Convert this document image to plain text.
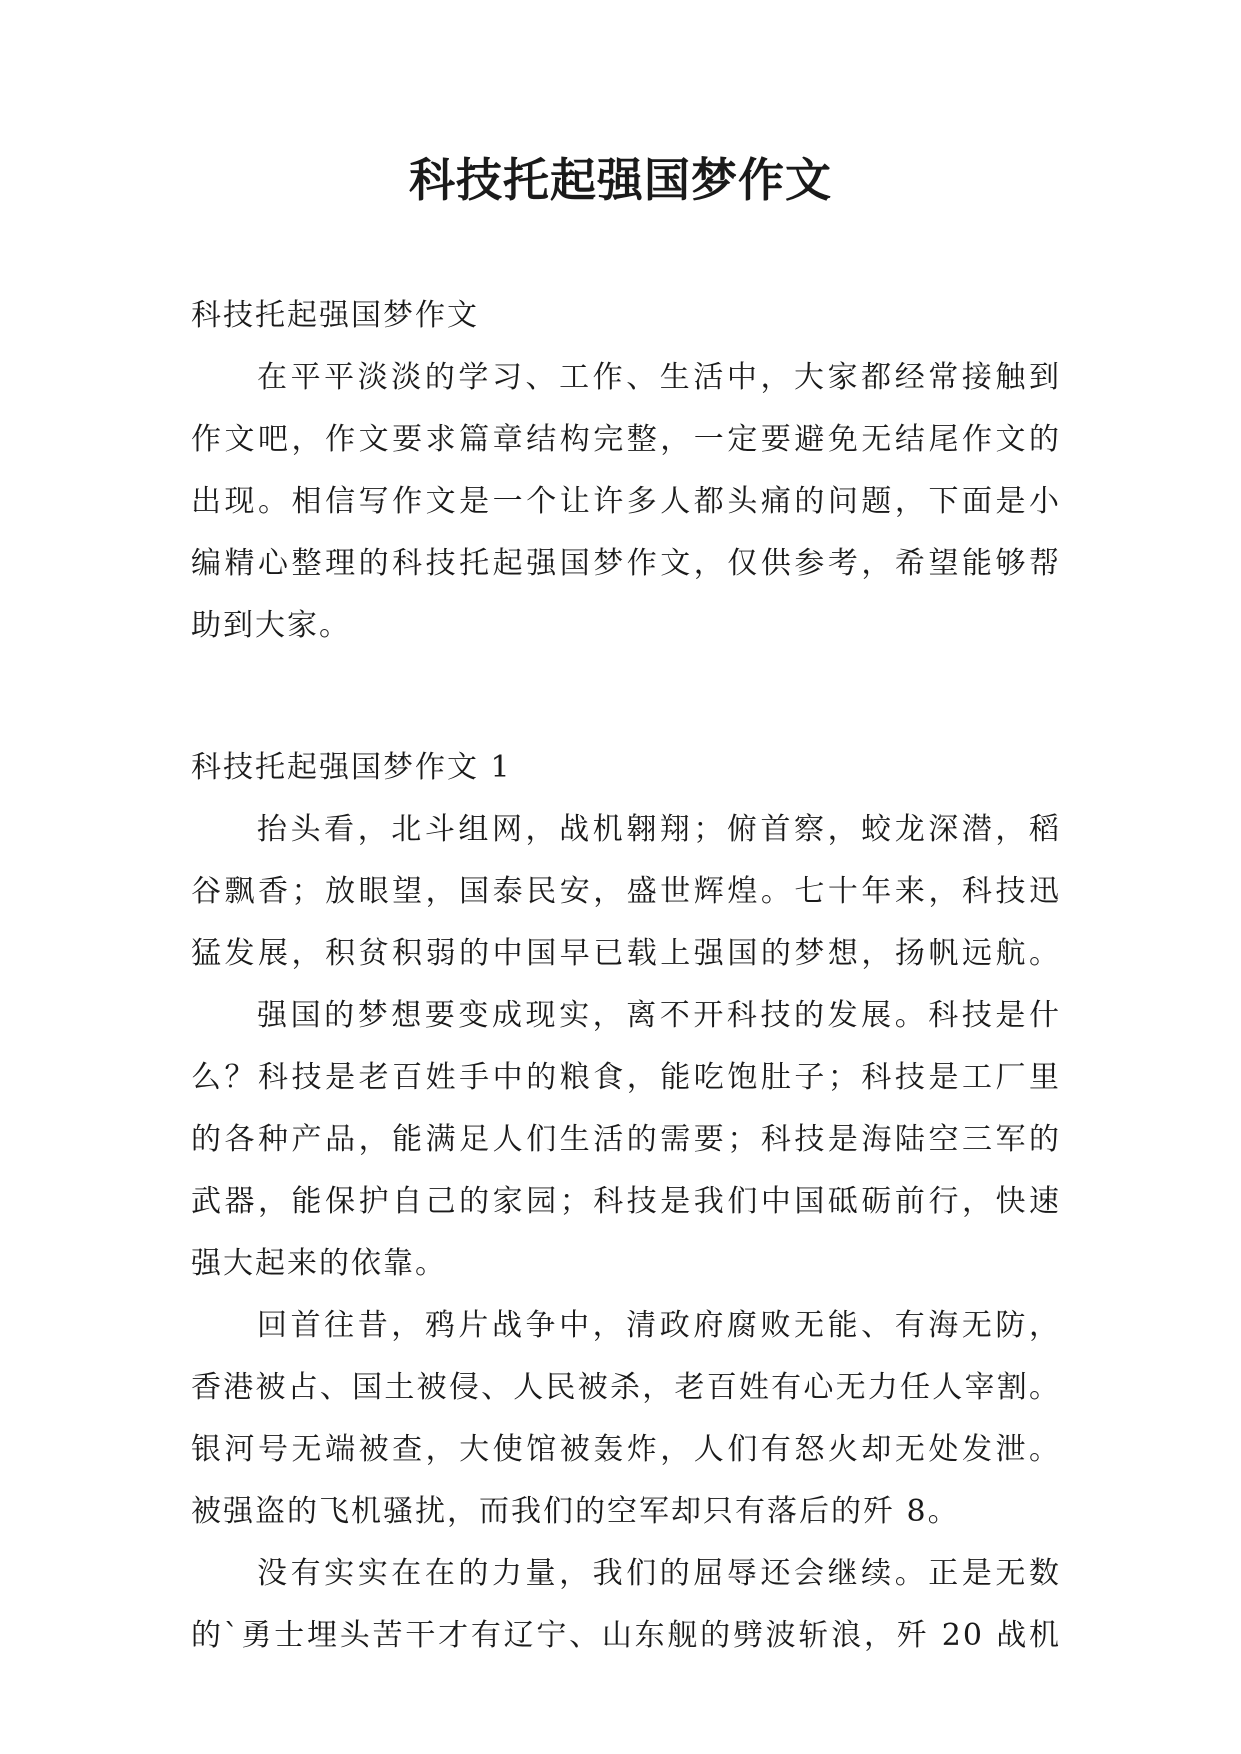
科技托起强国梦作文

科技托起强国梦作文

在平平淡淡的学习、工作、生活中，大家都经常接触到

作文吧，作文要求篇章结构完整，一定要避免无结尾作文的

出现。相信写作文是一个让许多人都头痛的问题，下面是小

编精心整理的科技托起强国梦作文，仅供参考，希望能够帮

助到大家。

科技托起强国梦作文 1

抬头看，北斗组网，战机翱翔；俯首察，蛟龙深潜，稻

谷飘香；放眼望，国泰民安，盛世辉煌。七十年来，科技迅

猛发展，积贫积弱的中国早已载上强国的梦想，扬帆远航。

强国的梦想要变成现实，离不开科技的发展。科技是什

么？科技是老百姓手中的粮食，能吃饱肚子；科技是工厂里

的各种产品，能满足人们生活的需要；科技是海陆空三军的

武器，能保护自己的家园；科技是我们中国砥砺前行，快速

强大起来的依靠。

回首往昔，鸦片战争中，清政府腐败无能、有海无防，

香港被占、国土被侵、人民被杀，老百姓有心无力任人宰割。

银河号无端被查，大使馆被轰炸，人们有怒火却无处发泄。

被强盗的飞机骚扰，而我们的空军却只有落后的歼 8。

没有实实在在的力量，我们的屈辱还会继续。正是无数

的`勇士埋头苦干才有辽宁、山东舰的劈波斩浪，歼 20 战机
